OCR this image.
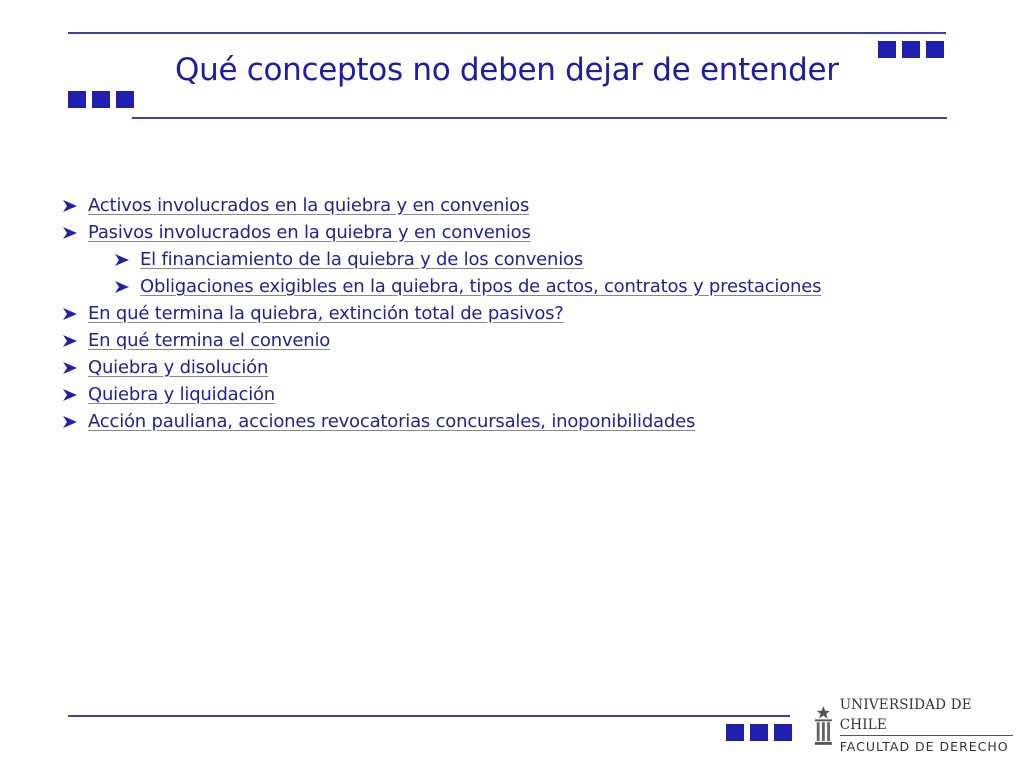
Qué conceptos no deben dejar de entender
Activos involucrados en la quiebra y en convenios
Pasivos involucrados en la quiebra y en convenios
El financiamiento de la quiebra y de los convenios
Obligaciones exigibles en la quiebra, tipos de actos, contratos y prestaciones
En qué termina la quiebra, extinción total de pasivos?
En qué termina el convenio
Quiebra y disolución
Quiebra y liquidación
Acción pauliana, acciones revocatorias concursales, inoponibilidades
UNIVERSIDAD DE CHILE
FACULTAD DE DERECHO
